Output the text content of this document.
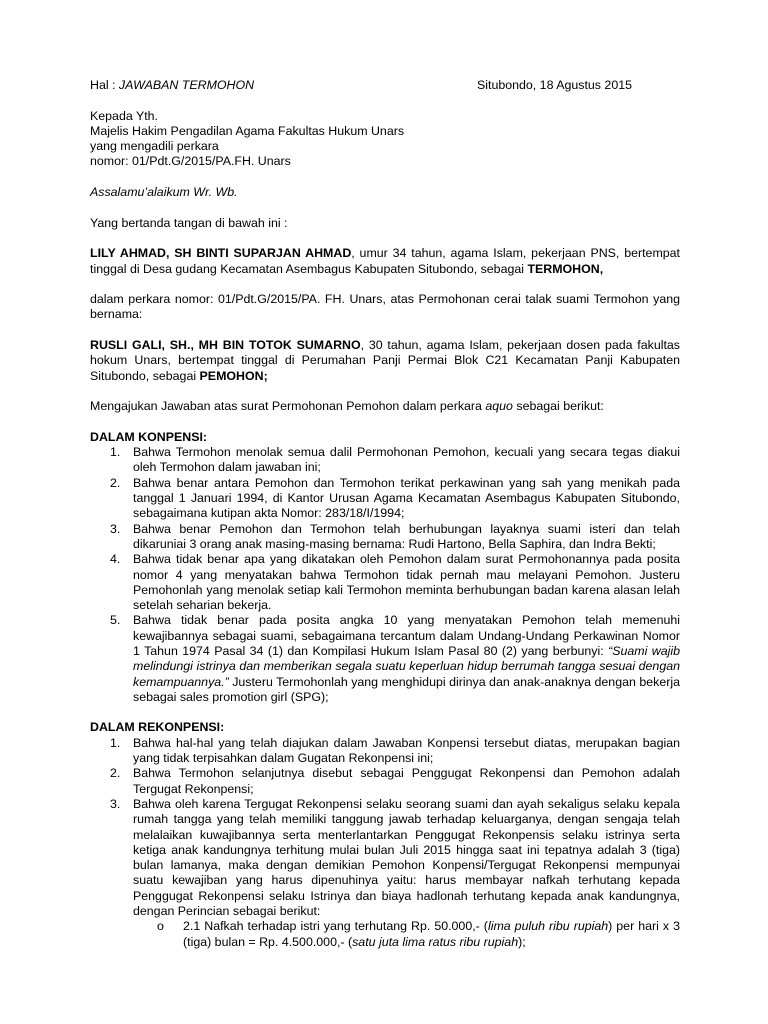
Hal : JAWABAN TERMOHON	Situbondo, 18 Agustus 2015
Kepada Yth.
Majelis Hakim Pengadilan Agama Fakultas Hukum Unars
yang mengadili perkara
nomor: 01/Pdt.G/2015/PA.FH. Unars
Assalamu’alaikum Wr. Wb.
Yang bertanda tangan di bawah ini :
LILY AHMAD, SH BINTI SUPARJAN AHMAD, umur 34 tahun, agama Islam, pekerjaan PNS, bertempat tinggal di Desa gudang Kecamatan Asembagus Kabupaten Situbondo, sebagai TERMOHON,
dalam perkara nomor: 01/Pdt.G/2015/PA. FH. Unars, atas Permohonan cerai talak suami Termohon yang bernama:
RUSLI GALI, SH., MH BIN TOTOK SUMARNO, 30 tahun, agama Islam, pekerjaan dosen pada fakultas hokum Unars, bertempat tinggal di Perumahan Panji Permai Blok C21 Kecamatan Panji Kabupaten Situbondo, sebagai PEMOHON;
Mengajukan Jawaban atas surat Permohonan Pemohon dalam perkara aquo sebagai berikut:
DALAM KONPENSI:
1.	Bahwa Termohon menolak semua dalil Permohonan Pemohon, kecuali yang secara tegas diakui oleh Termohon dalam jawaban ini;
2.	Bahwa benar antara Pemohon dan Termohon terikat perkawinan yang sah yang menikah pada tanggal 1 Januari 1994, di Kantor Urusan Agama Kecamatan Asembagus Kabupaten Situbondo, sebagaimana kutipan akta Nomor: 283/18/I/1994;
3.	Bahwa benar Pemohon dan Termohon telah berhubungan layaknya suami isteri dan telah dikaruniai 3 orang anak masing-masing bernama: Rudi Hartono, Bella Saphira, dan Indra Bekti;
4.	Bahwa tidak benar apa yang dikatakan oleh Pemohon dalam surat Permohonannya pada posita nomor 4 yang menyatakan bahwa Termohon tidak pernah mau melayani Pemohon. Justeru Pemohonlah yang menolak setiap kali Termohon meminta berhubungan badan karena alasan lelah setelah seharian bekerja.
5.	Bahwa tidak benar pada posita angka 10 yang menyatakan Pemohon telah memenuhi kewajibannya sebagai suami, sebagaimana tercantum dalam Undang-Undang Perkawinan Nomor 1 Tahun 1974 Pasal 34 (1) dan Kompilasi Hukum Islam Pasal 80 (2) yang berbunyi: “Suami wajib melindungi istrinya dan memberikan segala suatu keperluan hidup berrumah tangga sesuai dengan kemampuannya.” Justeru Termohonlah yang menghidupi dirinya dan anak-anaknya dengan bekerja sebagai sales promotion girl (SPG);
DALAM REKONPENSI:
1.	Bahwa hal-hal yang telah diajukan dalam Jawaban Konpensi tersebut diatas, merupakan bagian yang tidak terpisahkan dalam Gugatan Rekonpensi ini;
2.	Bahwa Termohon selanjutnya disebut sebagai Penggugat Rekonpensi dan Pemohon adalah Tergugat Rekonpensi;
3.	Bahwa oleh karena Tergugat Rekonpensi selaku seorang suami dan ayah sekaligus selaku kepala rumah tangga yang telah memiliki tanggung jawab terhadap keluarganya, dengan sengaja telah melalaikan kuwajibannya serta menterlantarkan Penggugat Rekonpensis selaku istrinya serta ketiga anak kandungnya terhitung mulai bulan Juli 2015 hingga saat ini tepatnya adalah 3 (tiga) bulan lamanya, maka dengan demikian Pemohon Konpensi/Tergugat Rekonpensi mempunyai suatu kewajiban yang harus dipenuhinya yaitu: harus membayar nafkah terhutang kepada Penggugat Rekonpensi selaku Istrinya dan biaya hadlonah terhutang kepada anak kandungnya, dengan Perincian sebagai berikut:
o	2.1 Nafkah terhadap istri yang terhutang Rp. 50.000,- (lima puluh ribu rupiah) per hari x 3 (tiga) bulan = Rp. 4.500.000,- (satu juta lima ratus ribu rupiah);
